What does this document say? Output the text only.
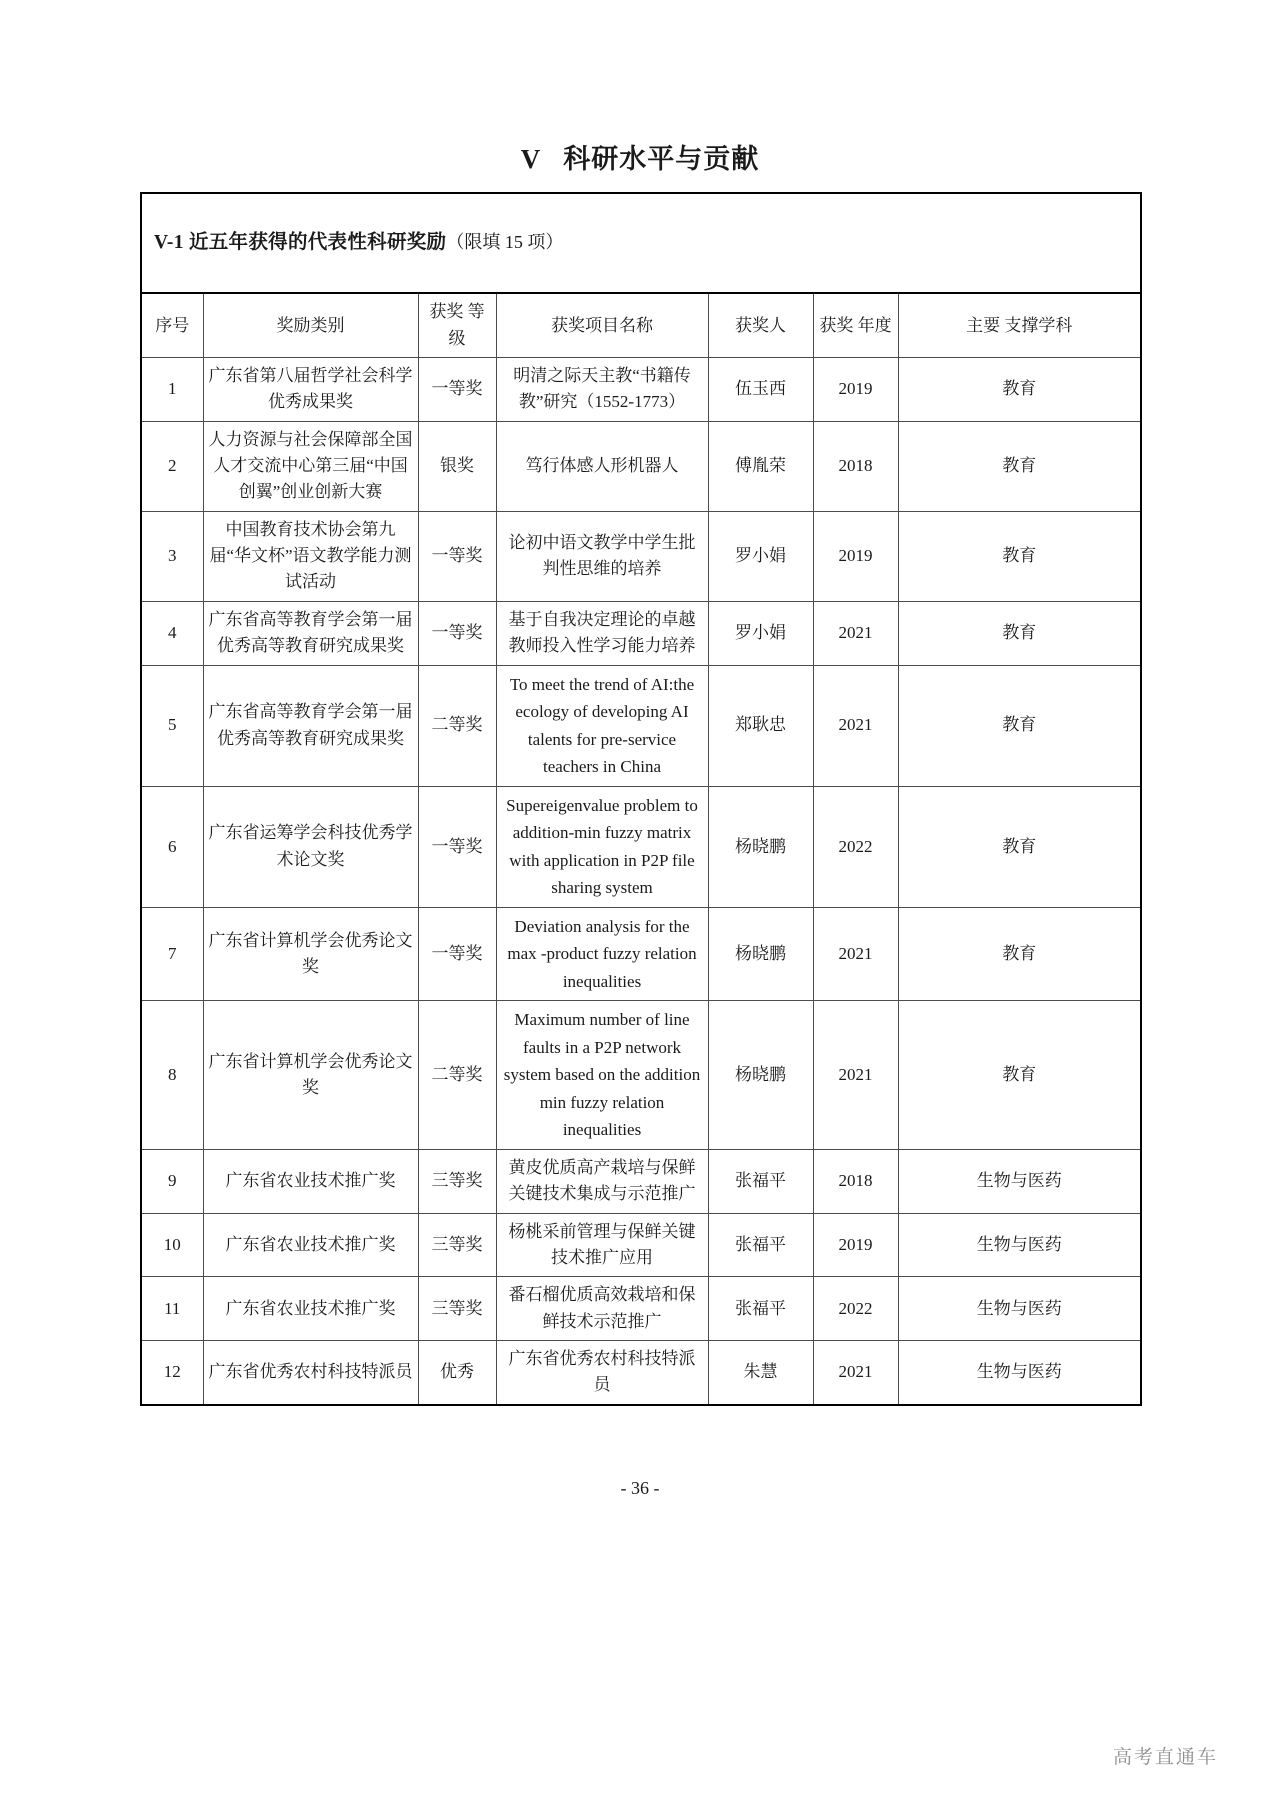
V 科研水平与贡献
V-1 近五年获得的代表性科研奖励（限填 15 项）						
序号	奖励类别	获奖 等级	获奖项目名称	获奖人	获奖 年度	主要 支撑学科
1	广东省第八届哲学社会科学优秀成果奖	一等奖	明清之际天主教“书籍传教”研究（1552-1773）	伍玉西	2019	教育
2	人力资源与社会保障部全国人才交流中心第三届“中国创翼”创业创新大赛	银奖	笃行体感人形机器人	傅胤荣	2018	教育
3	中国教育技术协会第九届“华文杯”语文教学能力测试活动	一等奖	论初中语文教学中学生批判性思维的培养	罗小娟	2019	教育
4	广东省高等教育学会第一届优秀高等教育研究成果奖	一等奖	基于自我决定理论的卓越教师投入性学习能力培养	罗小娟	2021	教育
5	广东省高等教育学会第一届优秀高等教育研究成果奖	二等奖	To meet the trend of AI:the ecology of developing AI talents for pre-service teachers in China	郑耿忠	2021	教育
6	广东省运筹学会科技优秀学术论文奖	一等奖	Supereigenvalue problem to addition-min fuzzy matrix with application in P2P file sharing system	杨晓鹏	2022	教育
7	广东省计算机学会优秀论文奖	一等奖	Deviation analysis for the max -product fuzzy relation inequalities	杨晓鹏	2021	教育
8	广东省计算机学会优秀论文奖	二等奖	Maximum number of line faults in a P2P network system based on the addition min fuzzy relation inequalities	杨晓鹏	2021	教育
9	广东省农业技术推广奖	三等奖	黄皮优质高产栽培与保鲜关键技术集成与示范推广	张福平	2018	生物与医药
10	广东省农业技术推广奖	三等奖	杨桃采前管理与保鲜关键技术推广应用	张福平	2019	生物与医药
11	广东省农业技术推广奖	三等奖	番石榴优质高效栽培和保鲜技术示范推广	张福平	2022	生物与医药
12	广东省优秀农村科技特派员	优秀	广东省优秀农村科技特派员	朱慧	2021	生物与医药
- 36 -
高考直通车
